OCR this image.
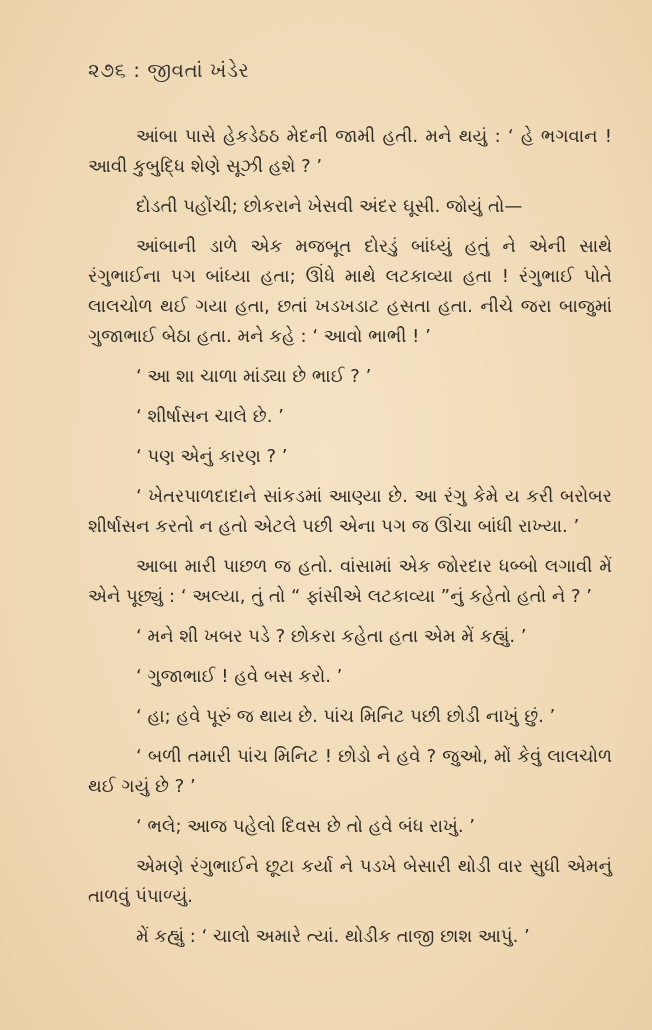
૨૭૬ : જીવતાં ખંડેર

આંબા પાસે હેકડેઠઠ મેદની જામી હતી. મને થયું : ‘ હે ભગવાન ! આવી કુબુદ્ધિ શેણે સૂઝી હશે ? ’

દોડતી પહોંચી; છોકરાને ખેસવી અંદર ઘૂસી. જોયું તો—

આંબાની ડાળે એક મજબૂત દોરડું બાંધ્યું હતું ને એની સાથે રંગુભાઈના પગ બાંધ્યા હતા; ઊંધે માથે લટકાવ્યા હતા ! રંગુભાઈ પોતે લાલચોળ થઈ ગયા હતા, છતાં ખડખડાટ હસતા હતા. નીચે જરા બાજુમાં ગુજાભાઈ બેઠા હતા. મને કહે : ‘ આવો ભાભી ! ’

‘ આ શા ચાળા માંડ્યા છે ભાઈ ? ’

‘ શીર્ષાસન ચાલે છે. ’

‘ પણ એનું કારણ ? ’

‘ ખેતરપાળદાદાને સાંકડમાં આણ્યા છે. આ રંગુ કેમે ય કરી બરોબર શીર્ષાસન કરતો ન હતો એટલે પછી એના પગ જ ઊંચા બાંધી રાખ્યા. ’

આબા મારી પાછળ જ હતો. વાંસામાં એક જોરદાર ધબ્બો લગાવી મેં એને પૂછ્યું : ‘ અલ્યા, તું તો “ ફાંસીએ લટકાવ્યા ”નું કહેતો હતો ને ? ’

‘ મને શી ખબર પડે ? છોકરા કહેતા હતા એમ મેં કહ્યું. ’

‘ ગુજાભાઈ ! હવે બસ કરો. ’

‘ હા; હવે પૂરું જ થાય છે. પાંચ મિનિટ પછી છોડી નાખું છું. ’

‘ બળી તમારી પાંચ મિનિટ ! છોડો ને હવે ? જુઓ, મોં કેવું લાલચોળ થઈ ગયું છે ? ’

‘ ભલે; આજ પહેલો દિવસ છે તો હવે બંધ રાખું. ’

એમણે રંગુભાઈને છૂટા કર્યા ને પડખે બેસારી થોડી વાર સુધી એમનું તાળવું પંપાળ્યું.

મેં કહ્યું : ‘ ચાલો અમારે ત્યાં. થોડીક તાજી છાશ આપું. ’
